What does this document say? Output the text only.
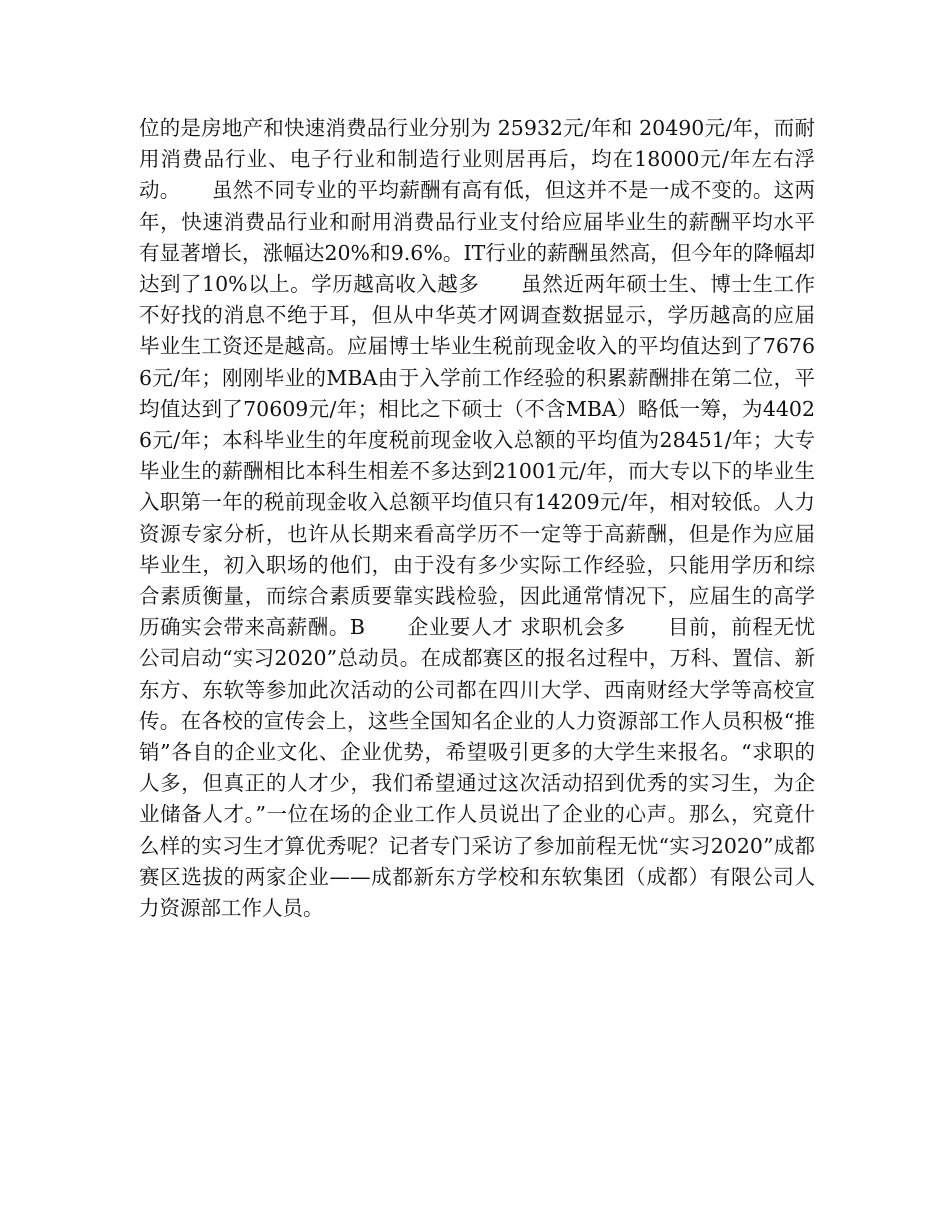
位的是房地产和快速消费品行业分别为 25932元/年和 20490元/年，而耐用消费品行业、电子行业和制造行业则居再后，均在18000元/年左右浮动。　　虽然不同专业的平均薪酬有高有低，但这并不是一成不变的。这两年，快速消费品行业和耐用消费品行业支付给应届毕业生的薪酬平均水平有显著增长，涨幅达20%和9.6%。IT行业的薪酬虽然高，但今年的降幅却达到了10%以上。学历越高收入越多　　虽然近两年硕士生、博士生工作不好找的消息不绝于耳，但从中华英才网调查数据显示，学历越高的应届毕业生工资还是越高。应届博士毕业生税前现金收入的平均值达到了76766元/年；刚刚毕业的MBA由于入学前工作经验的积累薪酬排在第二位，平均值达到了70609元/年；相比之下硕士（不含MBA）略低一筹，为44026元/年；本科毕业生的年度税前现金收入总额的平均值为28451/年；大专毕业生的薪酬相比本科生相差不多达到21001元/年，而大专以下的毕业生入职第一年的税前现金收入总额平均值只有14209元/年，相对较低。人力资源专家分析，也许从长期来看高学历不一定等于高薪酬，但是作为应届毕业生，初入职场的他们，由于没有多少实际工作经验，只能用学历和综合素质衡量，而综合素质要靠实践检验，因此通常情况下，应届生的高学历确实会带来高薪酬。B　　企业要人才 求职机会多　　目前，前程无忧公司启动“实习2020”总动员。在成都赛区的报名过程中，万科、置信、新东方、东软等参加此次活动的公司都在四川大学、西南财经大学等高校宣传。在各校的宣传会上，这些全国知名企业的人力资源部工作人员积极“推销”各自的企业文化、企业优势，希望吸引更多的大学生来报名。“求职的人多，但真正的人才少，我们希望通过这次活动招到优秀的实习生，为企业储备人才。”一位在场的企业工作人员说出了企业的心声。那么，究竟什么样的实习生才算优秀呢？记者专门采访了参加前程无忧“实习2020”成都赛区选拔的两家企业——成都新东方学校和东软集团（成都）有限公司人力资源部工作人员。
